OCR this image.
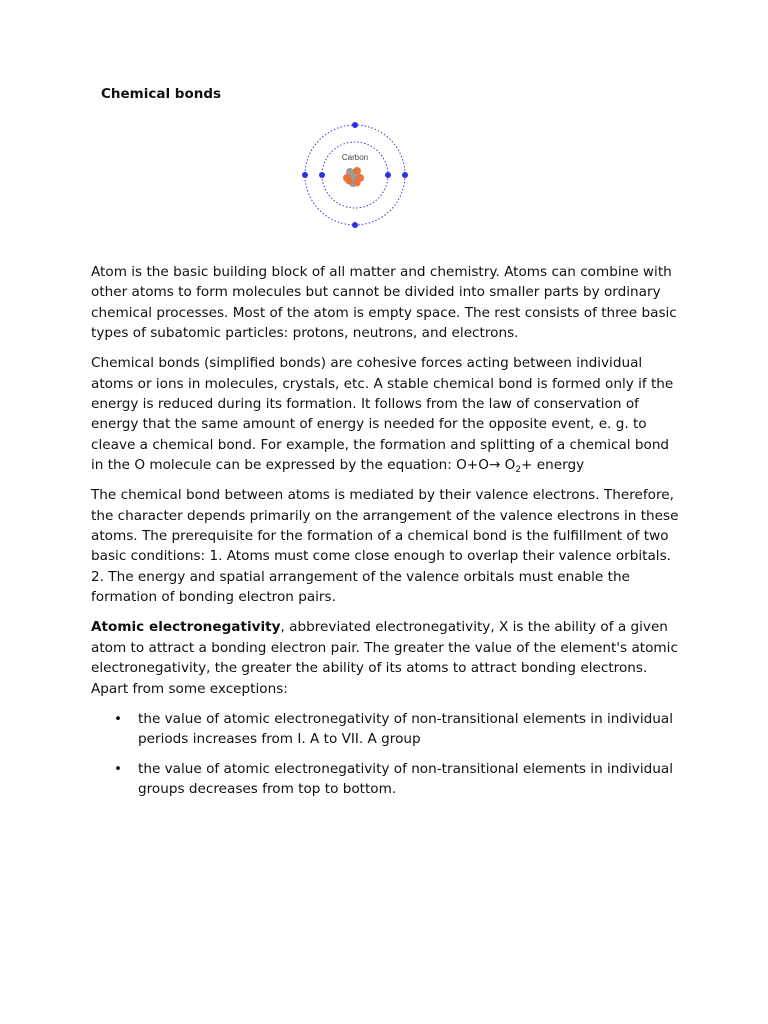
Chemical bonds
Carbon

Atom is the basic building block of all matter and chemistry. Atoms can combine with other atoms to form molecules but cannot be divided into smaller parts by ordinary chemical processes. Most of the atom is empty space. The rest consists of three basic types of subatomic particles: protons, neutrons, and electrons.

Chemical bonds (simplified bonds) are cohesive forces acting between individual atoms or ions in molecules, crystals, etc. A stable chemical bond is formed only if the energy is reduced during its formation. It follows from the law of conservation of energy that the same amount of energy is needed for the opposite event, e. g. to cleave a chemical bond. For example, the formation and splitting of a chemical bond in the O molecule can be expressed by the equation: $O+O\to O_2+$ energy

The chemical bond between atoms is mediated by their valence electrons. Therefore, the character depends primarily on the arrangement of the valence electrons in these atoms. The prerequisite for the formation of a chemical bond is the fulfillment of two basic conditions: 1. Atoms must come close enough to overlap their valence orbitals. 2. The energy and spatial arrangement of the valence orbitals must enable the formation of bonding electron pairs.

Atomic electronegativity, abbreviated electronegativity, X is the ability of a given atom to attract a bonding electron pair. The greater the value of the element's atomic electronegativity, the greater the ability of its atoms to attract bonding electrons. Apart from some exceptions:

• the value of atomic electronegativity of non-transitional elements in individual periods increases from I. A to VII. A group
• the value of atomic electronegativity of non-transitional elements in individual groups decreases from top to bottom.
